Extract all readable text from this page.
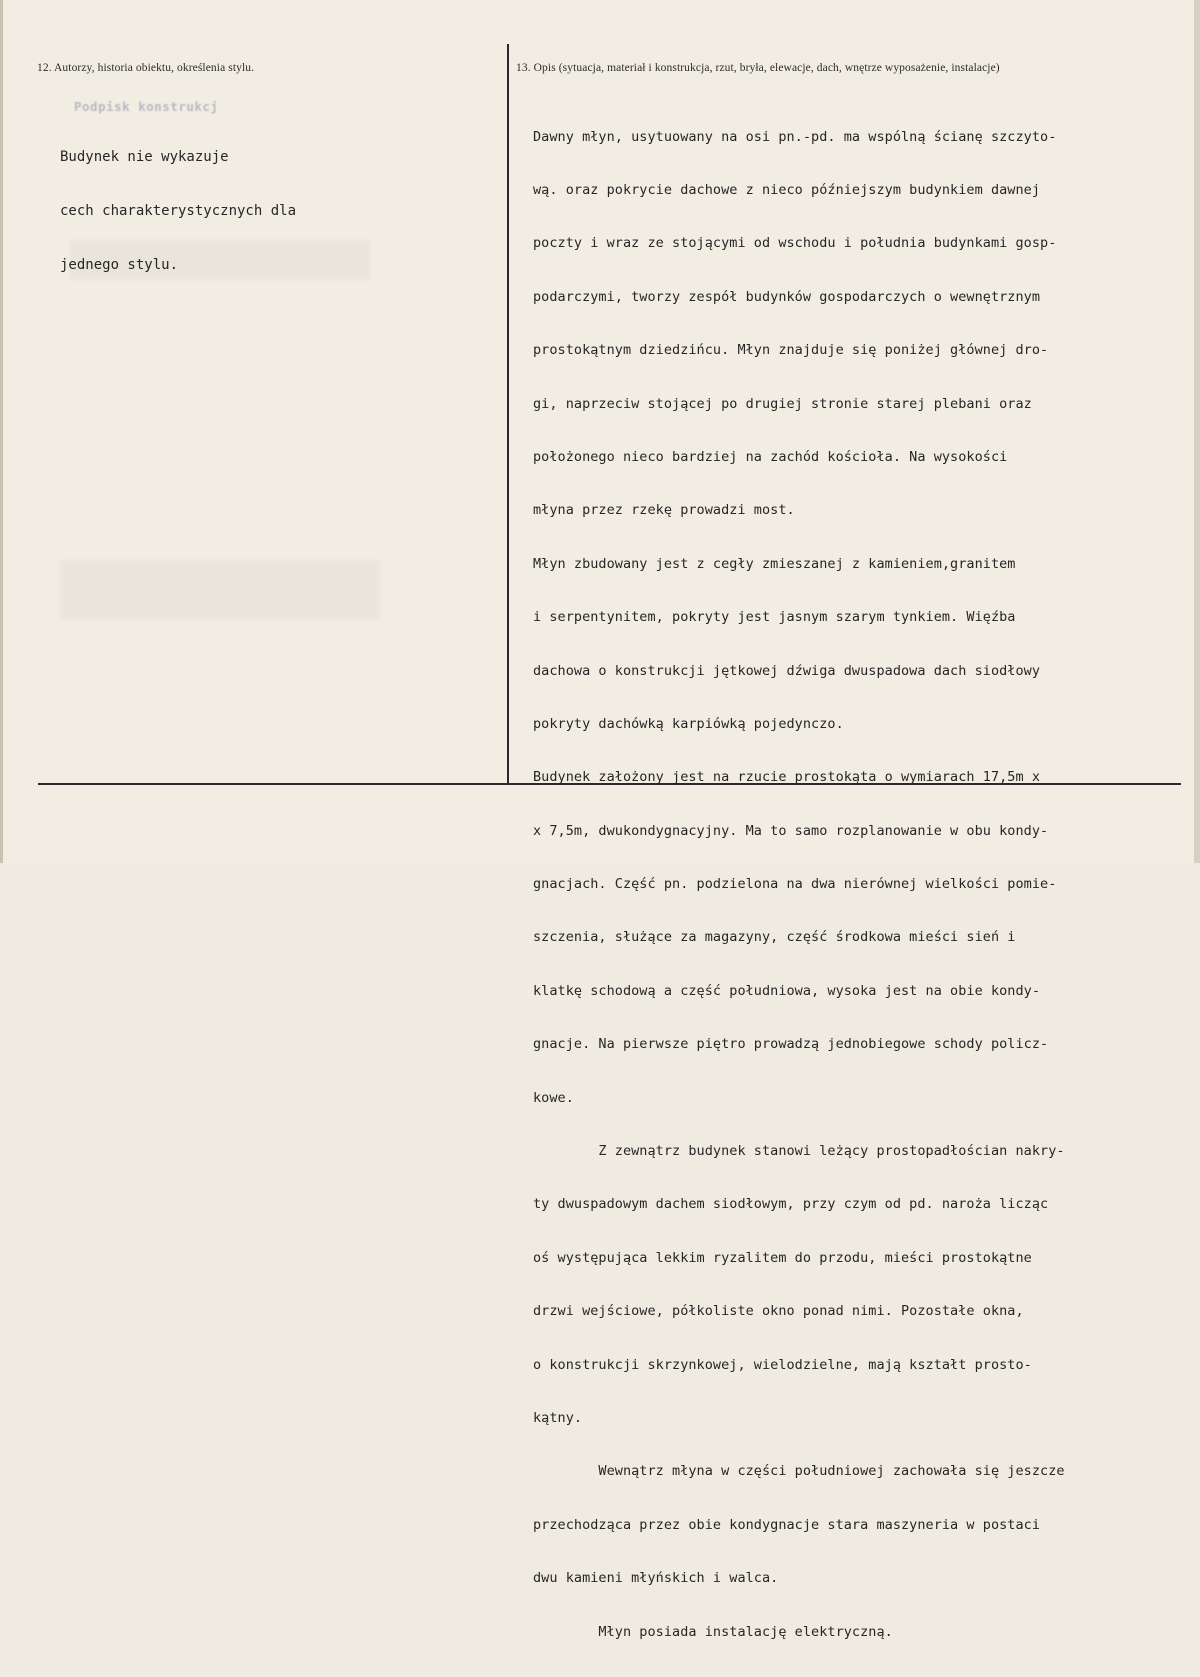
12. Autorzy, historia obiektu, określenia stylu.	13. Opis (sytuacja, materiał i konstrukcja, rzut, bryła, elewacje, dach, wnętrze wyposażenie, instalacje)
Podpisk konstrukcj

Budynek nie wykazuje

cech charakterystycznych dla

jednego stylu.

Dawny młyn, usytuowany na osi pn.-pd. ma wspólną ścianę szczyto-

wą. oraz pokrycie dachowe z nieco późniejszym budynkiem dawnej

poczty i wraz ze stojącymi od wschodu i południa budynkami gosp-

podarczymi, tworzy zespół budynków gospodarczych o wewnętrznym

prostokątnym dziedzińcu. Młyn znajduje się poniżej głównej dro-

gi, naprzeciw stojącej po drugiej stronie starej plebani oraz

położonego nieco bardziej na zachód kościoła. Na wysokości

młyna przez rzekę prowadzi most.

Młyn zbudowany jest z cegły zmieszanej z kamieniem,granitem

i serpentynitem, pokryty jest jasnym szarym tynkiem. Więźba

dachowa o konstrukcji jętkowej dźwiga dwuspadowa dach siodłowy

pokryty dachówką karpiówką pojedynczo.

Budynek założony jest na rzucie prostokąta o wymiarach 17,5m x

x 7,5m, dwukondygnacyjny. Ma to samo rozplanowanie w obu kondy-

gnacjach. Część pn. podzielona na dwa nierównej wielkości pomie-

szczenia, służące za magazyny, część środkowa mieści sień i

klatkę schodową a część południowa, wysoka jest na obie kondy-

gnacje. Na pierwsze piętro prowadzą jednobiegowe schody policz-

kowe.

Z zewnątrz budynek stanowi leżący prostopadłościan nakry-

ty dwuspadowym dachem siodłowym, przy czym od pd. naroża licząc

oś występująca lekkim ryzalitem do przodu, mieści prostokątne

drzwi wejściowe, półkoliste okno ponad nimi. Pozostałe okna,

o konstrukcji skrzynkowej, wielodzielne, mają kształt prosto-

kątny.

Wewnątrz młyna w części południowej zachowała się jeszcze

przechodząca przez obie kondygnacje stara maszyneria w postaci

dwu kamieni młyńskich i walca.

Młyn posiada instalację elektryczną.
